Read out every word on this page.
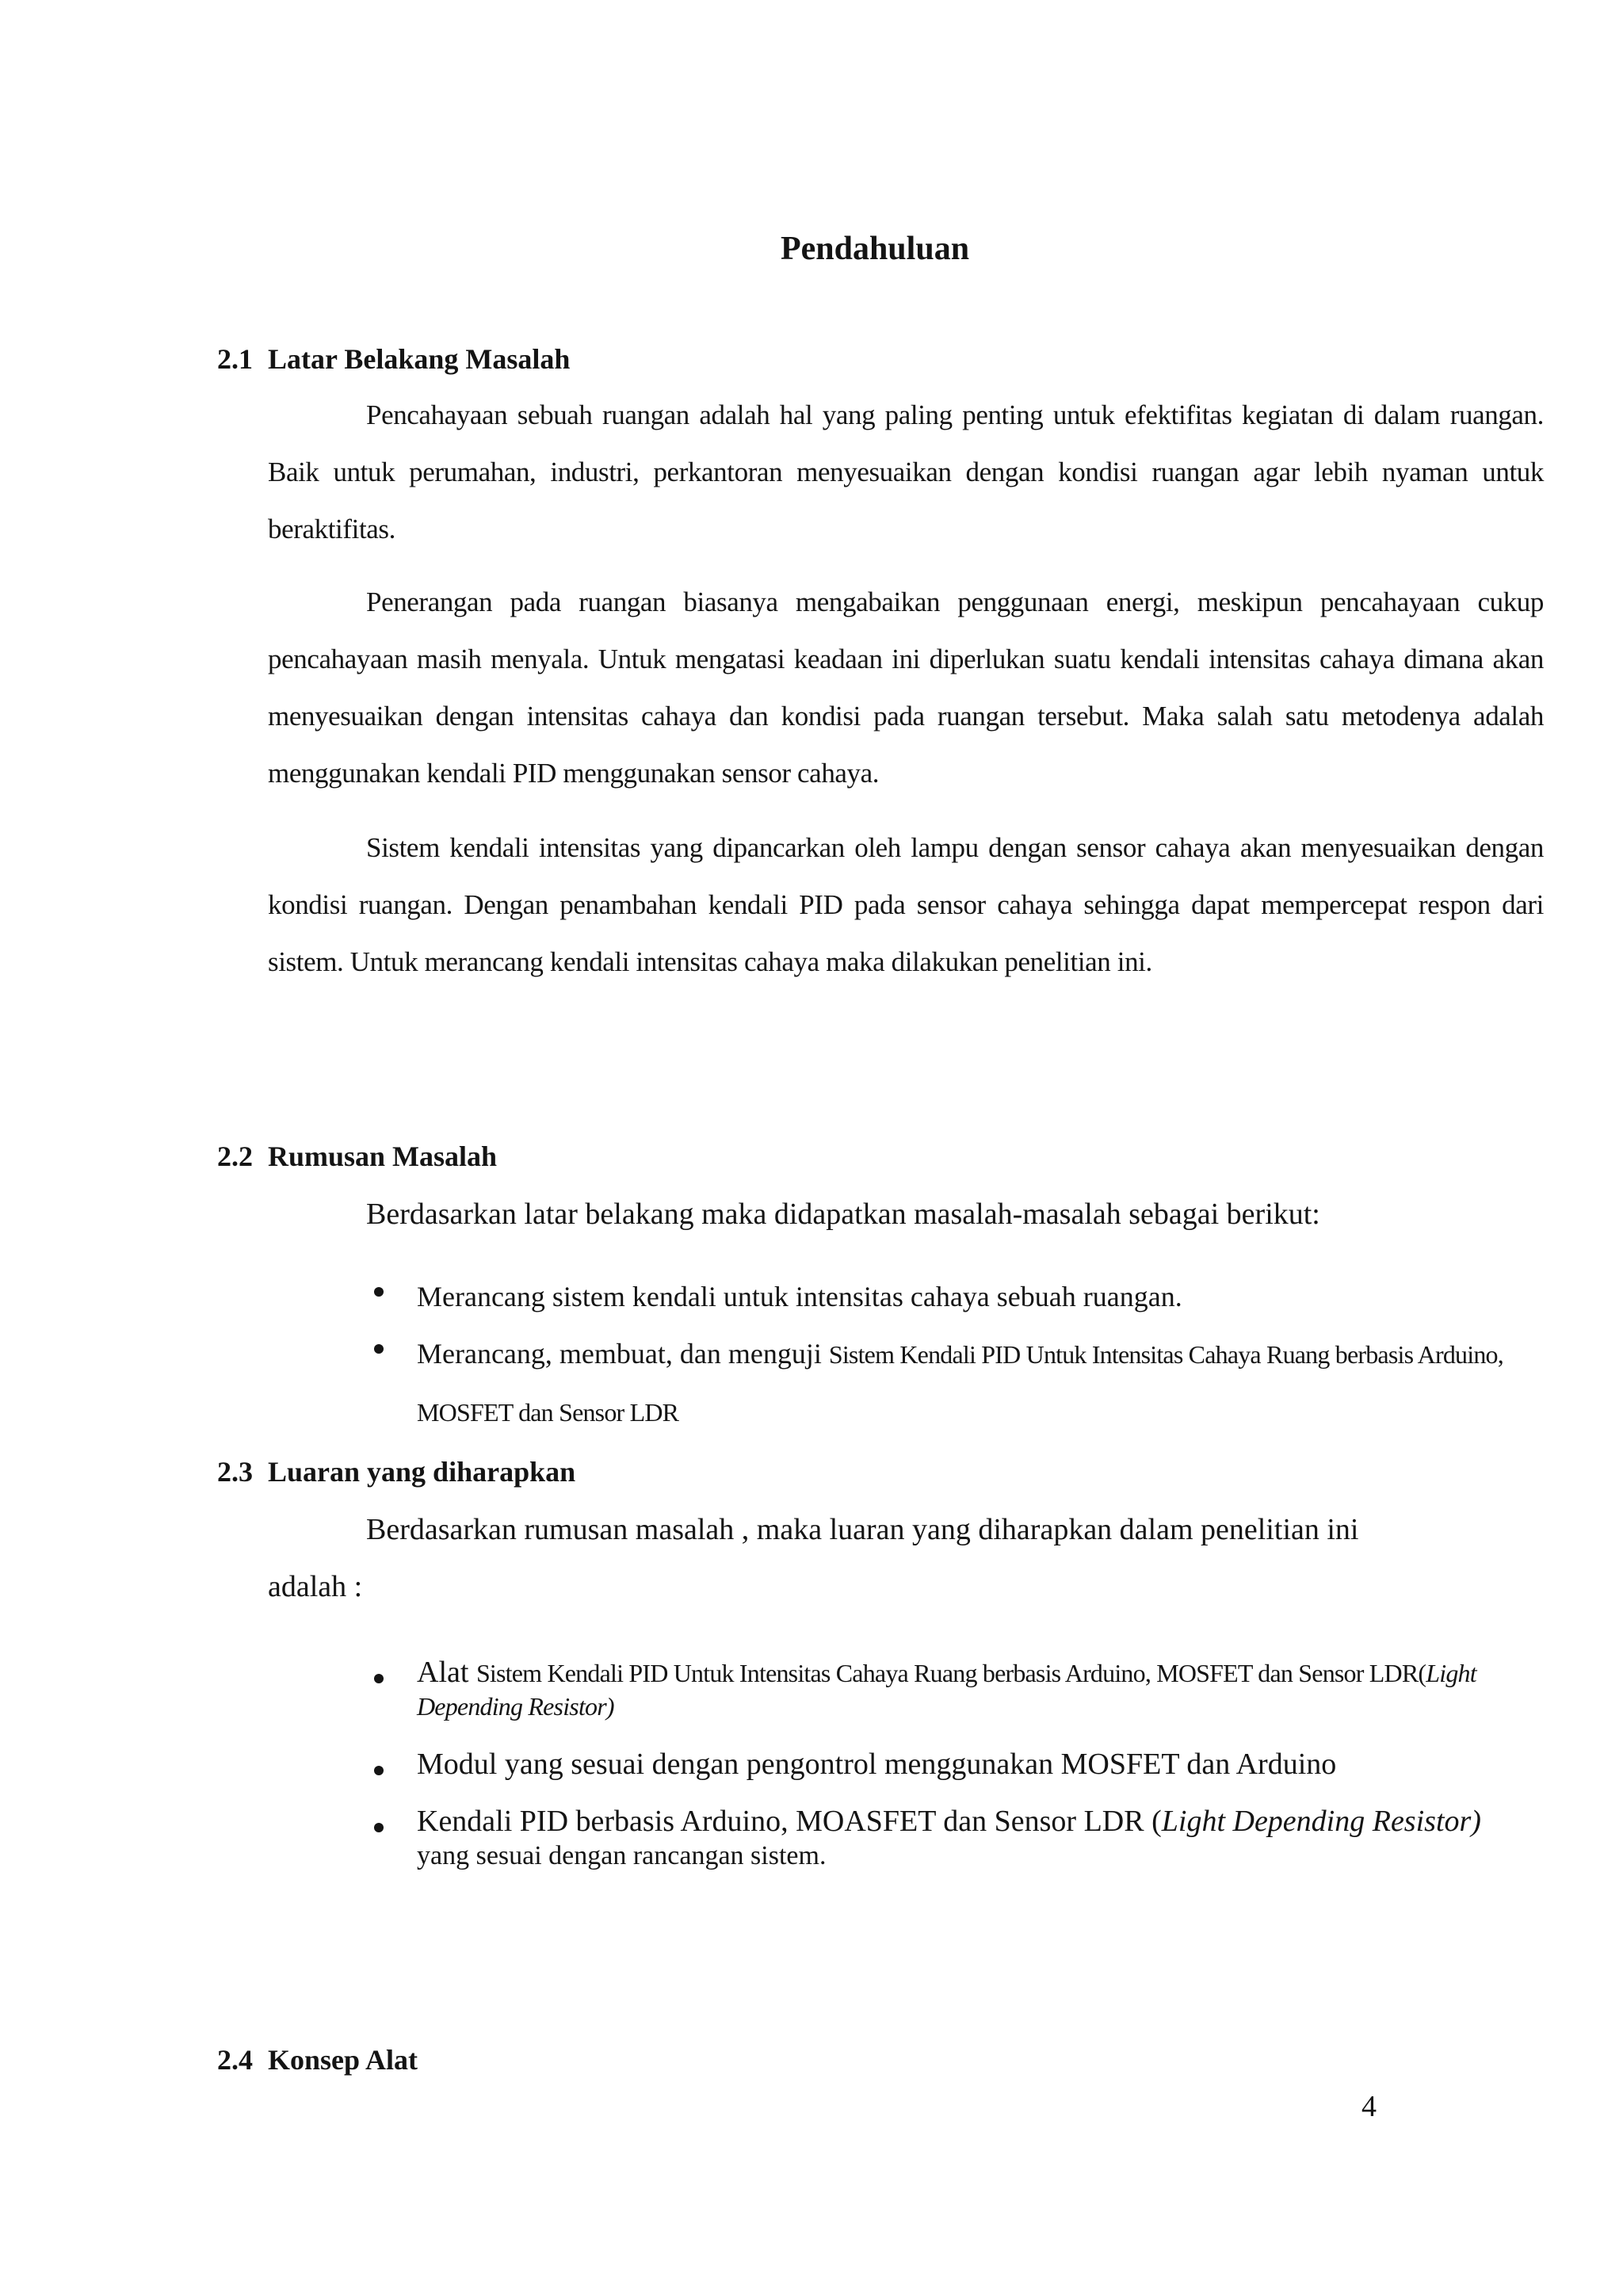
Pendahuluan
2.1 Latar Belakang Masalah

Pencahayaan sebuah ruangan adalah hal yang paling penting untuk efektifitas kegiatan di dalam ruangan. Baik untuk perumahan, industri, perkantoran menyesuaikan dengan kondisi ruangan agar lebih nyaman untuk beraktifitas.

Penerangan pada ruangan biasanya mengabaikan penggunaan energi, meskipun pencahayaan cukup pencahayaan masih menyala. Untuk mengatasi keadaan ini diperlukan suatu kendali intensitas cahaya dimana akan menyesuaikan dengan intensitas cahaya dan kondisi pada ruangan tersebut. Maka salah satu metodenya adalah menggunakan kendali PID menggunakan sensor cahaya.

Sistem kendali intensitas yang dipancarkan oleh lampu dengan sensor cahaya akan menyesuaikan dengan kondisi ruangan. Dengan penambahan kendali PID pada sensor cahaya sehingga dapat mempercepat respon dari sistem. Untuk merancang kendali intensitas cahaya maka dilakukan penelitian ini.

2.2 Rumusan Masalah

Berdasarkan latar belakang maka didapatkan masalah-masalah sebagai berikut:

Merancang sistem kendali untuk intensitas cahaya sebuah ruangan.
Merancang, membuat, dan menguji Sistem Kendali PID Untuk Intensitas Cahaya Ruang berbasis Arduino, MOSFET dan Sensor LDR
2.3 Luaran yang diharapkan

Berdasarkan rumusan masalah , maka luaran yang diharapkan dalam penelitian ini

adalah :

Alat Sistem Kendali PID Untuk Intensitas Cahaya Ruang berbasis Arduino, MOSFET dan Sensor LDR(Light Depending Resistor)
Modul yang sesuai dengan pengontrol menggunakan MOSFET dan Arduino
Kendali PID berbasis Arduino, MOASFET dan Sensor LDR (Light Depending Resistor) yang sesuai dengan rancangan sistem.
2.4 Konsep Alat
4
